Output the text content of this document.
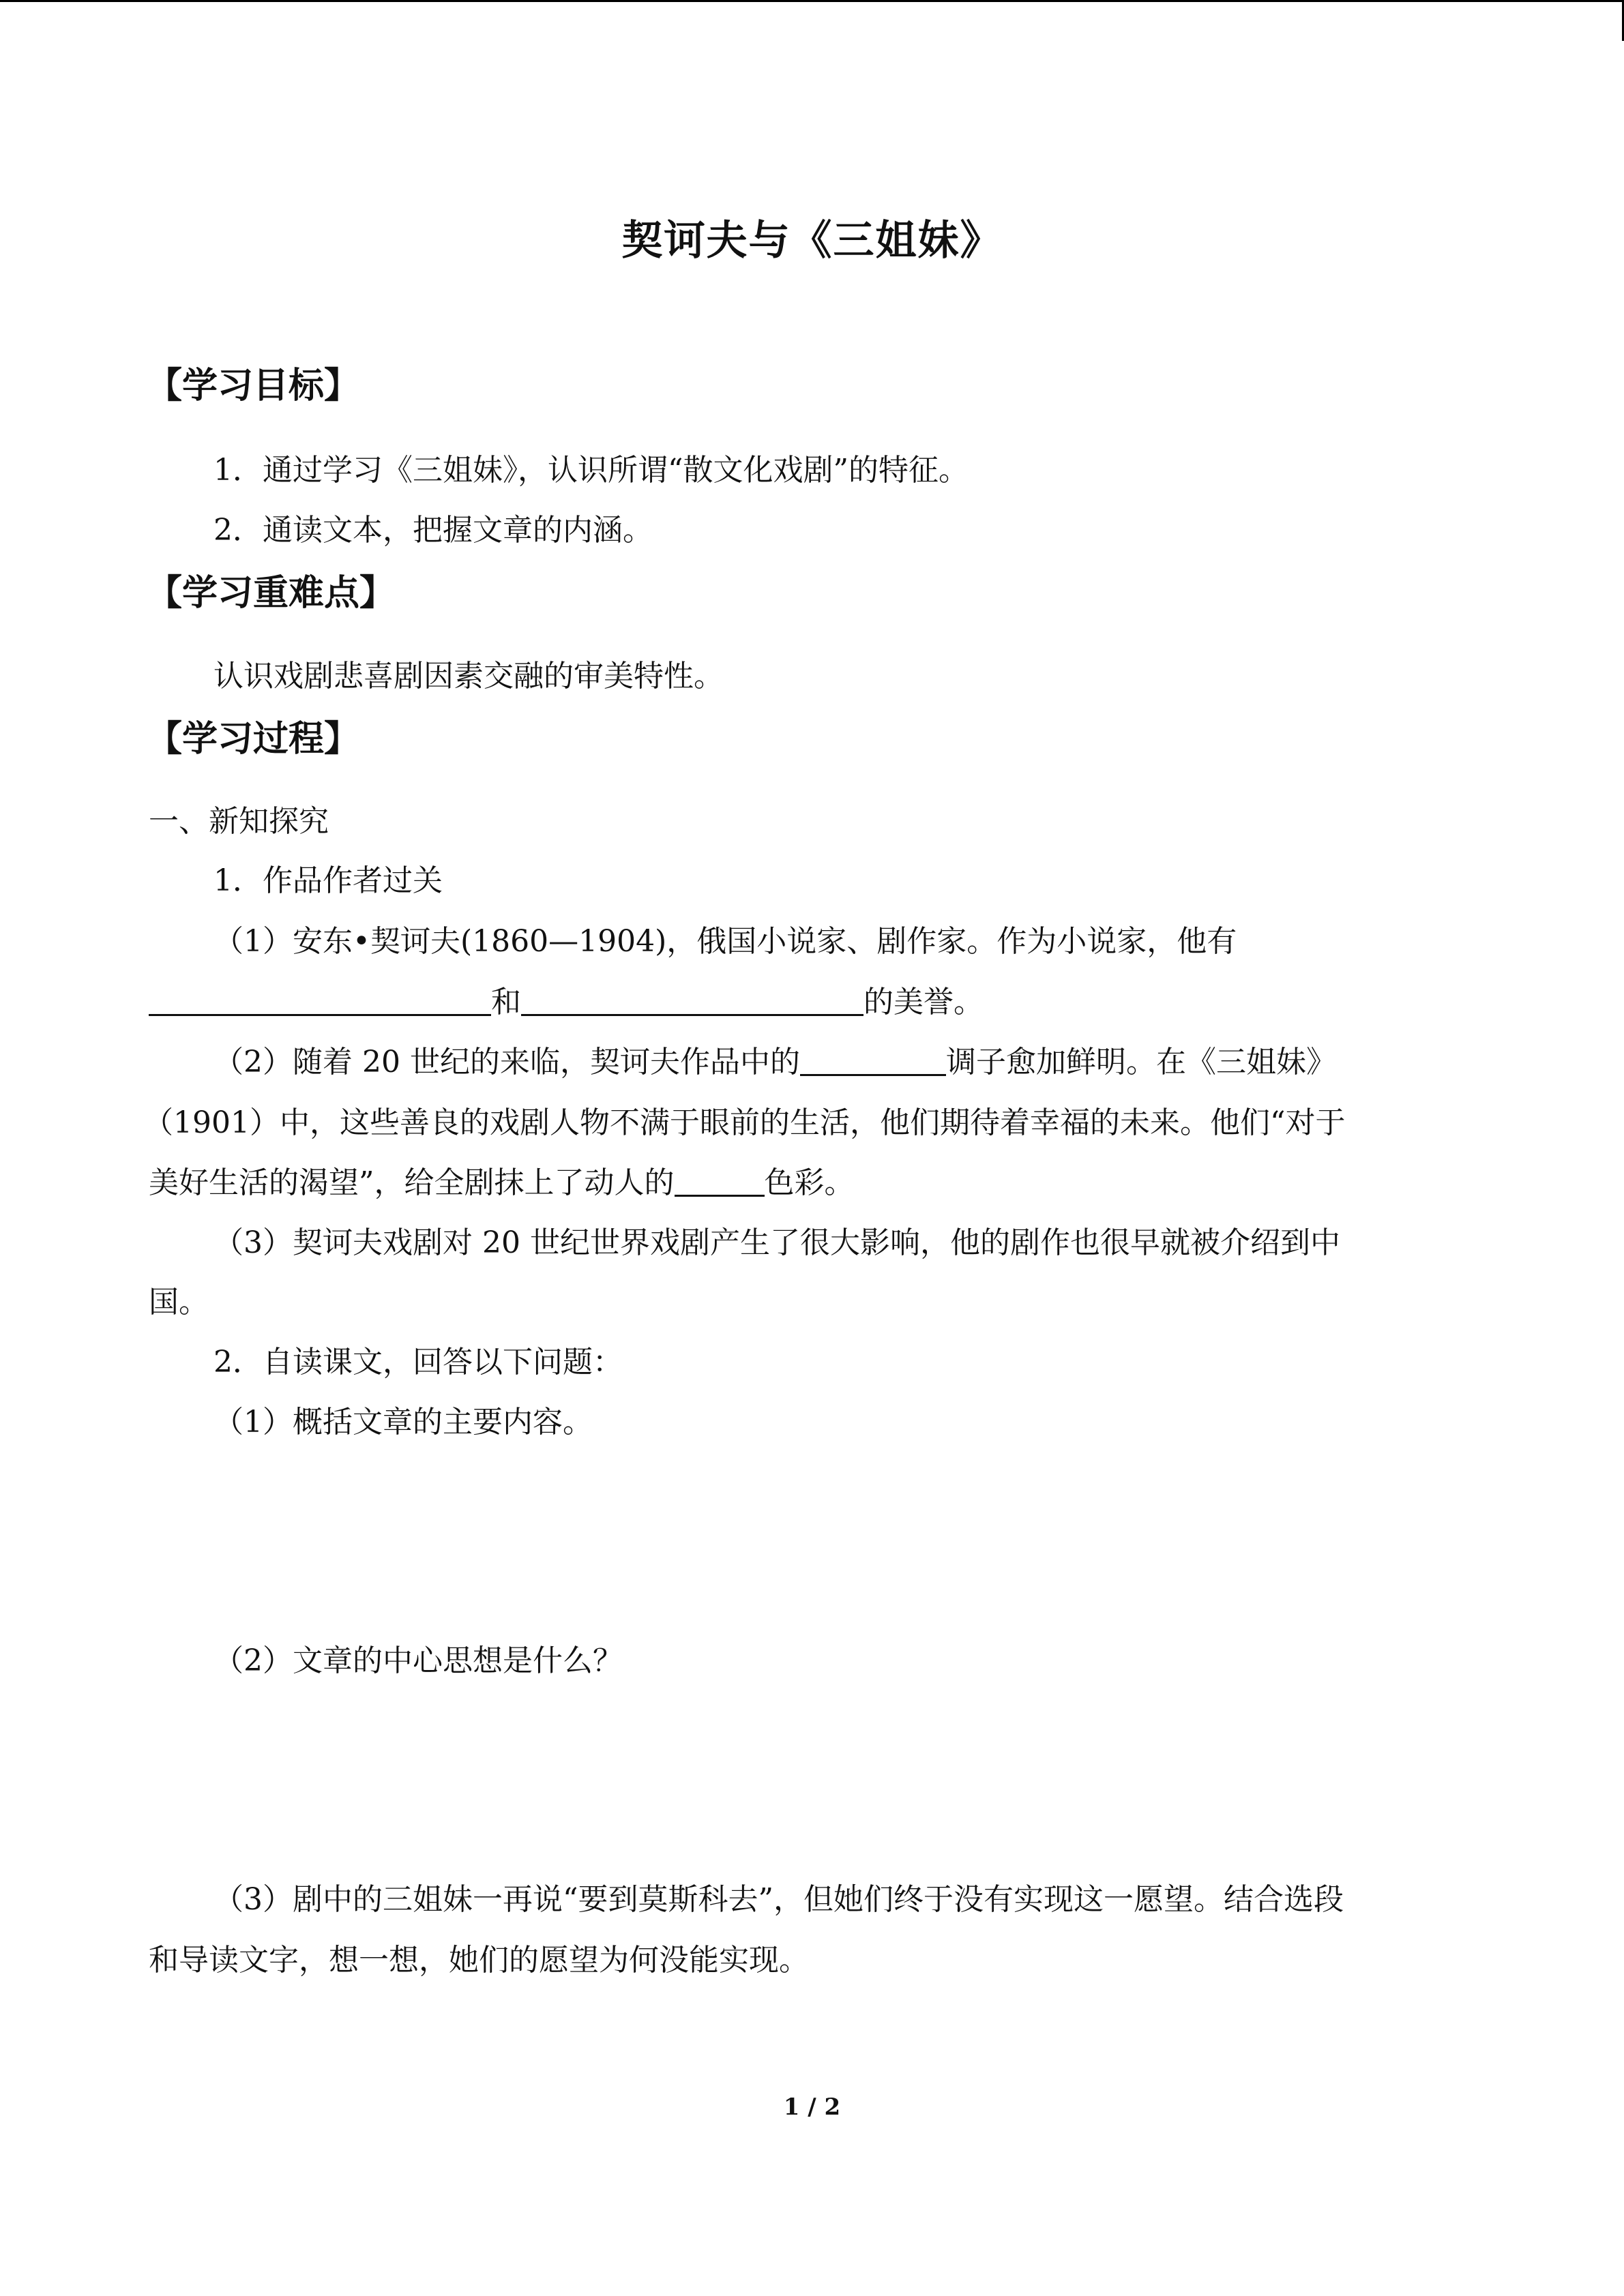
契诃夫与《三姐妹》
【学习目标】
1．通过学习《三姐妹》，认识所谓“散文化戏剧”的特征。
2．通读文本，把握文章的内涵。
【学习重难点】
认识戏剧悲喜剧因素交融的审美特性。
【学习过程】
一、新知探究
1．作品作者过关
（1）安东•契诃夫(1860—1904)，俄国小说家、剧作家。作为小说家，他有
和	的美誉。
（2）随着 20 世纪的来临，契诃夫作品中的	调子愈加鲜明。在《三姐妹》
（1901）中，这些善良的戏剧人物不满于眼前的生活，他们期待着幸福的未来。他们“对于
美好生活的渴望”，给全剧抹上了动人的	色彩。
（3）契诃夫戏剧对 20 世纪世界戏剧产生了很大影响，他的剧作也很早就被介绍到中
国。
2．自读课文，回答以下问题：
（1）概括文章的主要内容。
（2）文章的中心思想是什么？
（3）剧中的三姐妹一再说“要到莫斯科去”，但她们终于没有实现这一愿望。结合选段
和导读文字，想一想，她们的愿望为何没能实现。
1 / 2
